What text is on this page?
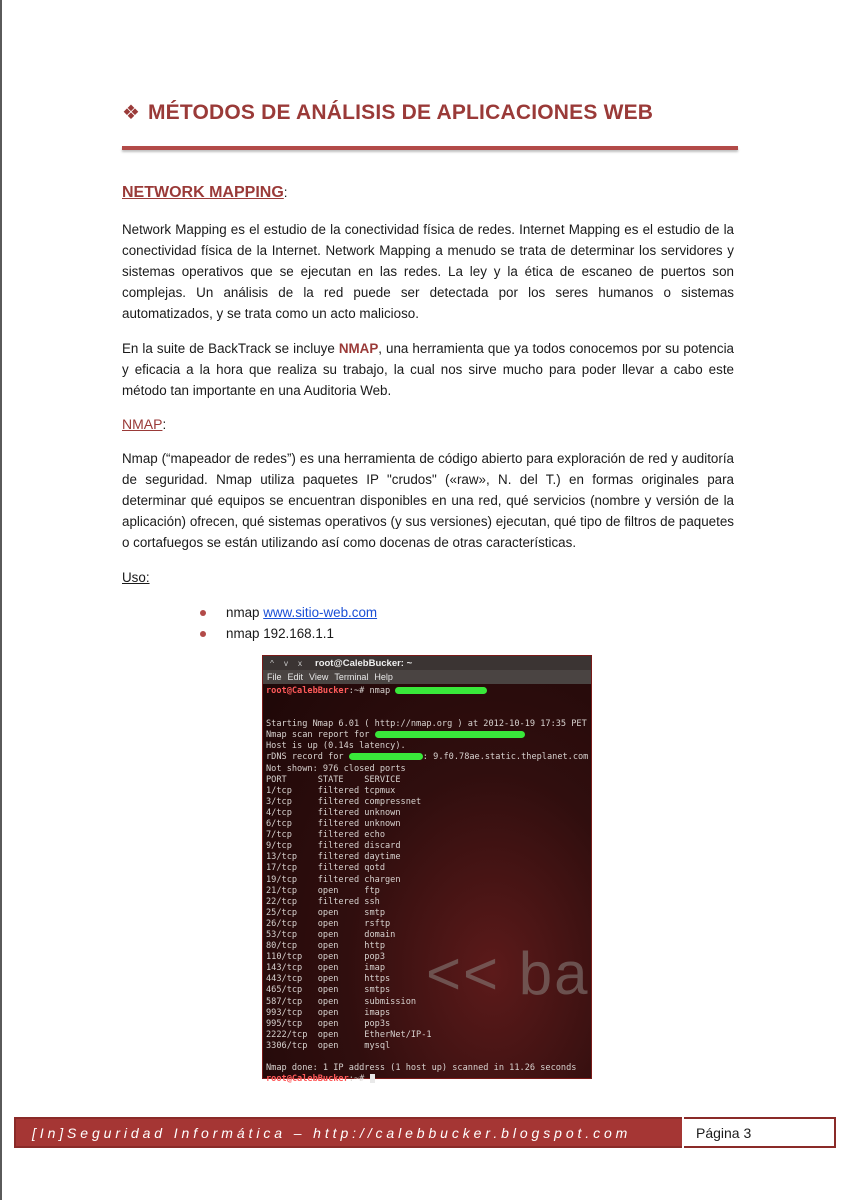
❖ MÉTODOS DE ANÁLISIS DE APLICACIONES WEB
NETWORK MAPPING:

Network Mapping es el estudio de la conectividad física de redes. Internet Mapping es el estudio de la conectividad física de la Internet. Network Mapping a menudo se trata de determinar los servidores y sistemas operativos que se ejecutan en las redes. La ley y la ética de escaneo de puertos son complejas. Un análisis de la red puede ser detectada por los seres humanos o sistemas automatizados, y se trata como un acto malicioso.

En la suite de BackTrack se incluye NMAP, una herramienta que ya todos conocemos por su potencia y eficacia a la hora que realiza su trabajo, la cual nos sirve mucho para poder llevar a cabo este método tan importante en una Auditoria Web.

NMAP:

Nmap (“mapeador de redes”) es una herramienta de código abierto para exploración de red y auditoría de seguridad. Nmap utiliza paquetes IP "crudos" («raw», N. del T.) en formas originales para determinar qué equipos se encuentran disponibles en una red, qué servicios (nombre y versión de la aplicación) ofrecen, qué sistemas operativos (y sus versiones) ejecutan, qué tipo de filtros de paquetes o cortafuegos se están utilizando así como docenas de otras características.

Uso:

nmap www.sitio-web.com
nmap 192.168.1.1
<< ba
^	v	x	root@CalebBucker: ~
File Edit View Terminal Help
root@CalebBucker:~# nmap

Starting Nmap 6.01 ( http://nmap.org ) at 2012-10-19 17:35 PET
Nmap scan report for
Host is up (0.14s latency).
rDNS record for	: 9.f0.78ae.static.theplanet.com
Not shown: 976 closed ports
PORT      STATE    SERVICE
1/tcp     filtered tcpmux
3/tcp     filtered compressnet
4/tcp     filtered unknown
6/tcp     filtered unknown
7/tcp     filtered echo
9/tcp     filtered discard
13/tcp    filtered daytime
17/tcp    filtered qotd
19/tcp    filtered chargen
21/tcp    open     ftp
22/tcp    filtered ssh
25/tcp    open     smtp
26/tcp    open     rsftp
53/tcp    open     domain
80/tcp    open     http
110/tcp   open     pop3
143/tcp   open     imap
443/tcp   open     https
465/tcp   open     smtps
587/tcp   open     submission
993/tcp   open     imaps
995/tcp   open     pop3s
2222/tcp  open     EtherNet/IP-1
3306/tcp  open     mysql
Nmap done: 1 IP address (1 host up) scanned in 11.26 seconds
root@CalebBucker:~#
[In]Seguridad Informática – http://calebbucker.blogspot.com	Página 3
